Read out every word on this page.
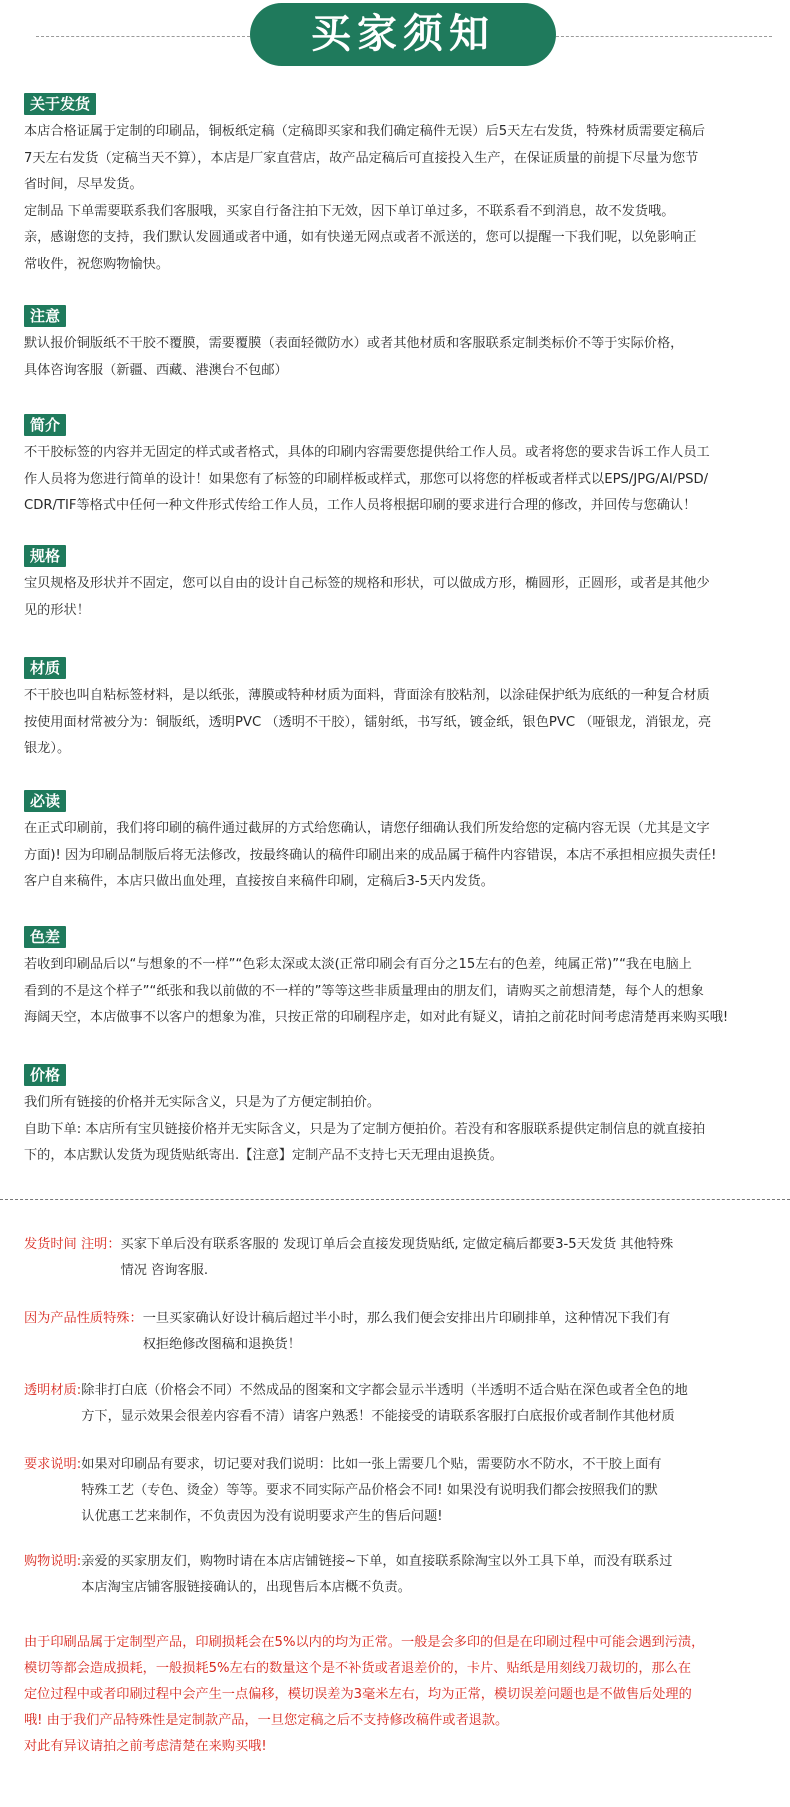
买家须知
关于发货

本店合格证属于定制的印刷品，铜板纸定稿（定稿即买家和我们确定稿件无误）后5天左右发货，特殊材质需要定稿后
7天左右发货（定稿当天不算），本店是厂家直营店，故产品定稿后可直接投入生产，在保证质量的前提下尽量为您节
省时间，尽早发货。
定制品 下单需要联系我们客服哦，买家自行备注拍下无效，因下单订单过多，不联系看不到消息，故不发货哦。
亲，感谢您的支持，我们默认发圆通或者中通，如有快递无网点或者不派送的，您可以提醒一下我们呢，以免影响正
常收件，祝您购物愉快。

注意

默认报价铜版纸不干胶不覆膜，需要覆膜（表面轻微防水）或者其他材质和客服联系定制类标价不等于实际价格，
具体咨询客服（新疆、西藏、港澳台不包邮）

简介

不干胶标签的内容并无固定的样式或者格式，具体的印刷内容需要您提供给工作人员。或者将您的要求告诉工作人员工
作人员将为您进行简单的设计！如果您有了标签的印刷样板或样式，那您可以将您的样板或者样式以EPS/JPG/AI/PSD/
CDR/TIF等格式中任何一种文件形式传给工作人员，工作人员将根据印刷的要求进行合理的修改，并回传与您确认！

规格

宝贝规格及形状并不固定，您可以自由的设计自己标签的规格和形状，可以做成方形，椭圆形，正圆形，或者是其他少
见的形状！

材质

不干胶也叫自粘标签材料，是以纸张，薄膜或特种材质为面料，背面涂有胶粘剂，以涂硅保护纸为底纸的一种复合材质
按使用面材常被分为：铜版纸，透明PVC （透明不干胶），镭射纸，书写纸，镀金纸，银色PVC （哑银龙，消银龙，亮
银龙）。

必读

在正式印刷前，我们将印刷的稿件通过截屏的方式给您确认，请您仔细确认我们所发给您的定稿内容无误（尤其是文字
方面)! 因为印刷品制版后将无法修改，按最终确认的稿件印刷出来的成品属于稿件内容错误，本店不承担相应损失责任!
客户自来稿件，本店只做出血处理，直接按自来稿件印刷，定稿后3-5天内发货。

色差

若收到印刷品后以“与想象的不一样”“色彩太深或太淡(正常印刷会有百分之15左右的色差，纯属正常)”“我在电脑上
看到的不是这个样子”“纸张和我以前做的不一样的”等等这些非质量理由的朋友们，请购买之前想清楚，每个人的想象
海阔天空，本店做事不以客户的想象为准，只按正常的印刷程序走，如对此有疑义，请拍之前花时间考虑清楚再来购买哦!

价格

我们所有链接的价格并无实际含义，只是为了方便定制拍价。
自助下单: 本店所有宝贝链接价格并无实际含义，只是为了定制方便拍价。若没有和客服联系提供定制信息的就直接拍
下的，本店默认发货为现货贴纸寄出.【注意】定制产品不支持七天无理由退换货。

发货时间 注明： 买家下单后没有联系客服的 发现订单后会直接发现货贴纸, 定做定稿后都要3-5天发货 其他特殊
情况 咨询客服.
因为产品性质特殊： 一旦买家确认好设计稿后超过半小时，那么我们便会安排出片印刷排单，这种情况下我们有
权拒绝修改图稿和退换货！
透明材质: 除非打白底（价格会不同）不然成品的图案和文字都会显示半透明（半透明不适合贴在深色或者全色的地
方下，显示效果会很差内容看不清）请客户熟悉！不能接受的请联系客服打白底报价或者制作其他材质
要求说明: 如果对印刷品有要求，切记要对我们说明：比如一张上需要几个贴，需要防水不防水，不干胶上面有
特殊工艺（专色、烫金）等等。要求不同实际产品价格会不同! 如果没有说明我们都会按照我们的默
认优惠工艺来制作，不负责因为没有说明要求产生的售后问题!
购物说明: 亲爱的买家朋友们，购物时请在本店店铺链接~下单，如直接联系除淘宝以外工具下单，而没有联系过
本店淘宝店铺客服链接确认的，出现售后本店概不负责。

由于印刷品属于定制型产品，印刷损耗会在5%以内的均为正常。一般是会多印的但是在印刷过程中可能会遇到污渍，
模切等都会造成损耗，一般损耗5%左右的数量这个是不补货或者退差价的，卡片、贴纸是用刻线刀裁切的，那么在
定位过程中或者印刷过程中会产生一点偏移，模切误差为3毫米左右，均为正常，模切误差问题也是不做售后处理的
哦! 由于我们产品特殊性是定制款产品，一旦您定稿之后不支持修改稿件或者退款。
对此有异议请拍之前考虑清楚在来购买哦!
